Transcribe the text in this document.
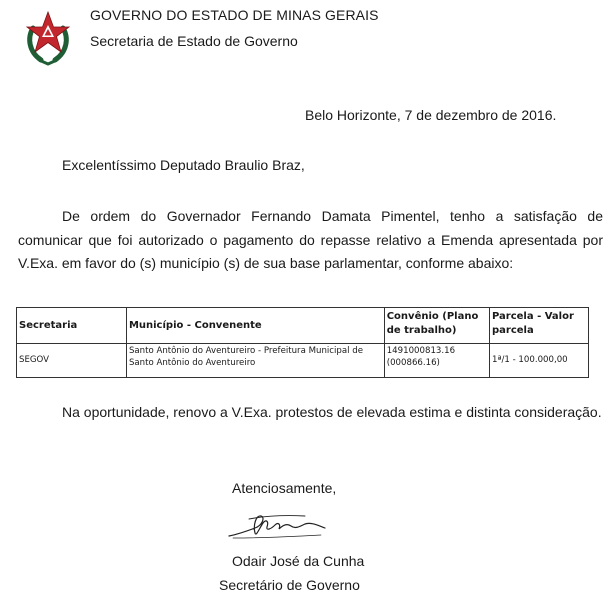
GOVERNO DO ESTADO DE MINAS GERAIS
Secretaria de Estado de Governo
Belo Horizonte, 7 de dezembro de 2016.
Excelentíssimo Deputado Braulio Braz,

De ordem do Governador Fernando Damata Pimentel, tenho a satisfação de comunicar que foi autorizado o pagamento do repasse relativo a Emenda apresentada por V.Exa. em favor do (s) município (s) de sua base parlamentar, conforme abaixo:

Secretaria	Município - Convenente	Convênio (Plano de trabalho)	Parcela - Valor parcela
SEGOV	Santo Antônio do Aventureiro - Prefeitura Municipal de Santo Antônio do Aventureiro	1491000813.16 (000866.16)	1ª/1 - 100.000,00

Na oportunidade, renovo a V.Exa. protestos de elevada estima e distinta consideração.

Atenciosamente,
Odair José da Cunha
Secretário de Governo
